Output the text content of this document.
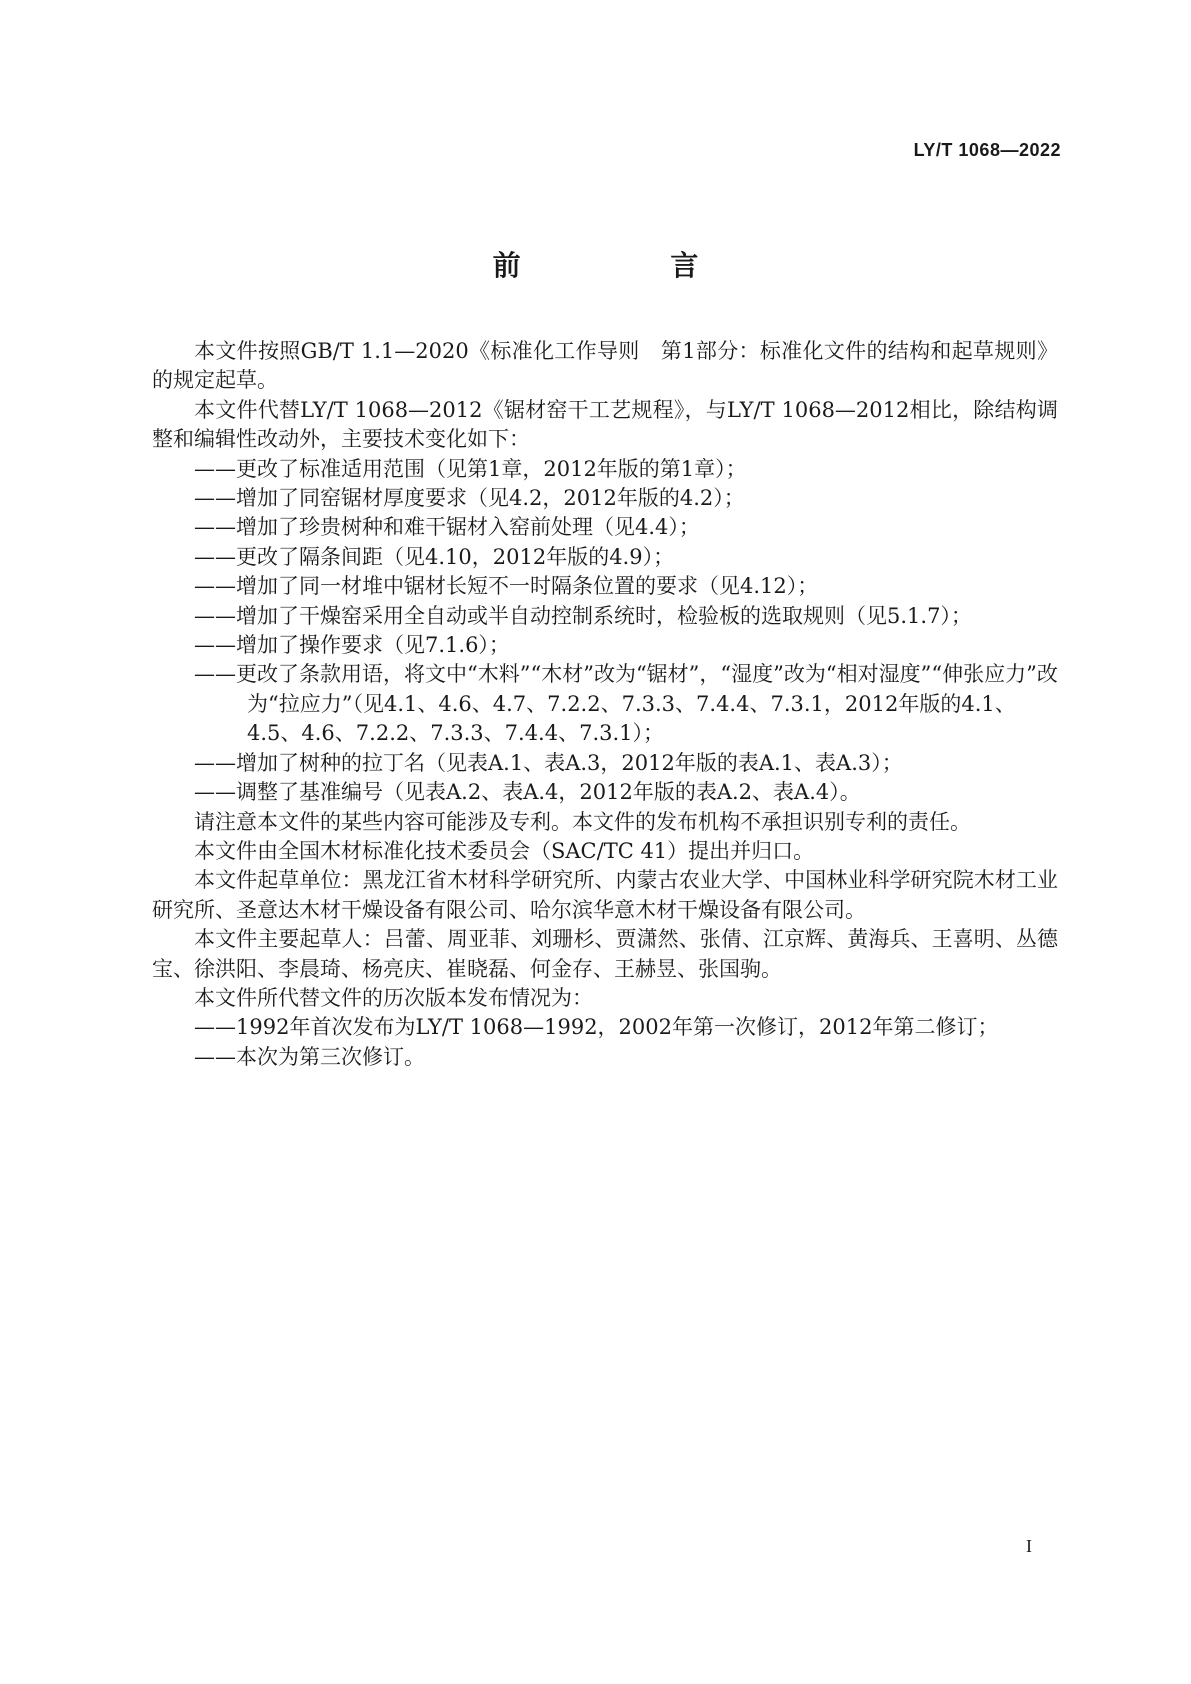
LY/T 1068—2022
前 言

本文件按照GB/T 1.1—2020《标准化工作导则　第1部分：标准化文件的结构和起草规则》的规定起草。

本文件代替LY/T 1068—2012《锯材窑干工艺规程》，与LY/T 1068—2012相比，除结构调整和编辑性改动外，主要技术变化如下：

——更改了标准适用范围（见第1章，2012年版的第1章）；

——增加了同窑锯材厚度要求（见4.2，2012年版的4.2）；

——增加了珍贵树种和难干锯材入窑前处理（见4.4）；

——更改了隔条间距（见4.10，2012年版的4.9）；

——增加了同一材堆中锯材长短不一时隔条位置的要求（见4.12）；

——增加了干燥窑采用全自动或半自动控制系统时，检验板的选取规则（见5.1.7）；

——增加了操作要求（见7.1.6）；

——更改了条款用语，将文中“木料”“木材”改为“锯材”，“湿度”改为“相对湿度”“伸张应力”改为“拉应力”（见4.1、4.6、4.7、7.2.2、7.3.3、7.4.4、7.3.1，2012年版的4.1、4.5、4.6、7.2.2、7.3.3、7.4.4、7.3.1）；

——增加了树种的拉丁名（见表A.1、表A.3，2012年版的表A.1、表A.3）；

——调整了基准编号（见表A.2、表A.4，2012年版的表A.2、表A.4）。

请注意本文件的某些内容可能涉及专利。本文件的发布机构不承担识别专利的责任。

本文件由全国木材标准化技术委员会（SAC/TC 41）提出并归口。

本文件起草单位：黑龙江省木材科学研究所、内蒙古农业大学、中国林业科学研究院木材工业研究所、圣意达木材干燥设备有限公司、哈尔滨华意木材干燥设备有限公司。

本文件主要起草人：吕蕾、周亚菲、刘珊杉、贾潇然、张倩、江京辉、黄海兵、王喜明、丛德宝、徐洪阳、李晨琦、杨亮庆、崔晓磊、何金存、王赫昱、张国驹。

本文件所代替文件的历次版本发布情况为：

——1992年首次发布为LY/T 1068—1992，2002年第一次修订，2012年第二修订；

——本次为第三次修订。

I
